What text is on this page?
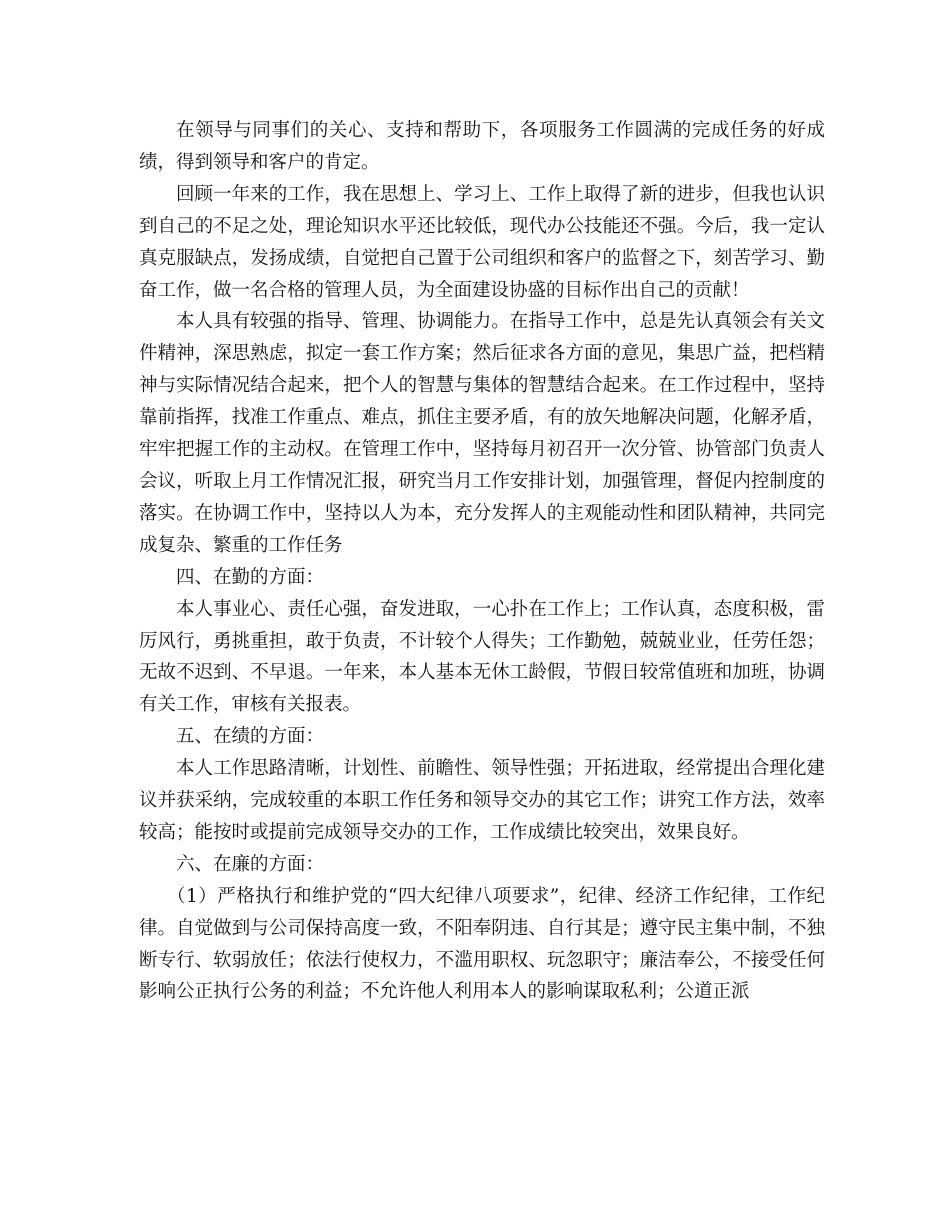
在领导与同事们的关心、支持和帮助下，各项服务工作圆满的完成任务的好成绩，得到领导和客户的肯定。

回顾一年来的工作，我在思想上、学习上、工作上取得了新的进步，但我也认识到自己的不足之处，理论知识水平还比较低，现代办公技能还不强。今后，我一定认真克服缺点，发扬成绩，自觉把自己置于公司组织和客户的监督之下，刻苦学习、勤奋工作，做一名合格的管理人员，为全面建设协盛的目标作出自己的贡献！

本人具有较强的指导、管理、协调能力。在指导工作中，总是先认真领会有关文件精神，深思熟虑，拟定一套工作方案；然后征求各方面的意见，集思广益，把档精神与实际情况结合起来，把个人的智慧与集体的智慧结合起来。在工作过程中，坚持靠前指挥，找准工作重点、难点，抓住主要矛盾，有的放矢地解决问题，化解矛盾，牢牢把握工作的主动权。在管理工作中，坚持每月初召开一次分管、协管部门负责人会议，听取上月工作情况汇报，研究当月工作安排计划，加强管理，督促内控制度的落实。在协调工作中，坚持以人为本，充分发挥人的主观能动性和团队精神，共同完成复杂、繁重的工作任务

四、在勤的方面：

本人事业心、责任心强，奋发进取，一心扑在工作上；工作认真，态度积极，雷厉风行，勇挑重担，敢于负责，不计较个人得失；工作勤勉，兢兢业业，任劳任怨；无故不迟到、不早退。一年来，本人基本无休工龄假，节假日较常值班和加班，协调有关工作，审核有关报表。

五、在绩的方面：

本人工作思路清晰，计划性、前瞻性、领导性强；开拓进取，经常提出合理化建议并获采纳，完成较重的本职工作任务和领导交办的其它工作；讲究工作方法，效率较高；能按时或提前完成领导交办的工作，工作成绩比较突出，效果良好。

六、在廉的方面：

（1）严格执行和维护党的“四大纪律八项要求”，纪律、经济工作纪律，工作纪律。自觉做到与公司保持高度一致，不阳奉阴违、自行其是；遵守民主集中制，不独断专行、软弱放任；依法行使权力，不滥用职权、玩忽职守；廉洁奉公，不接受任何影响公正执行公务的利益；不允许他人利用本人的影响谋取私利；公道正派
